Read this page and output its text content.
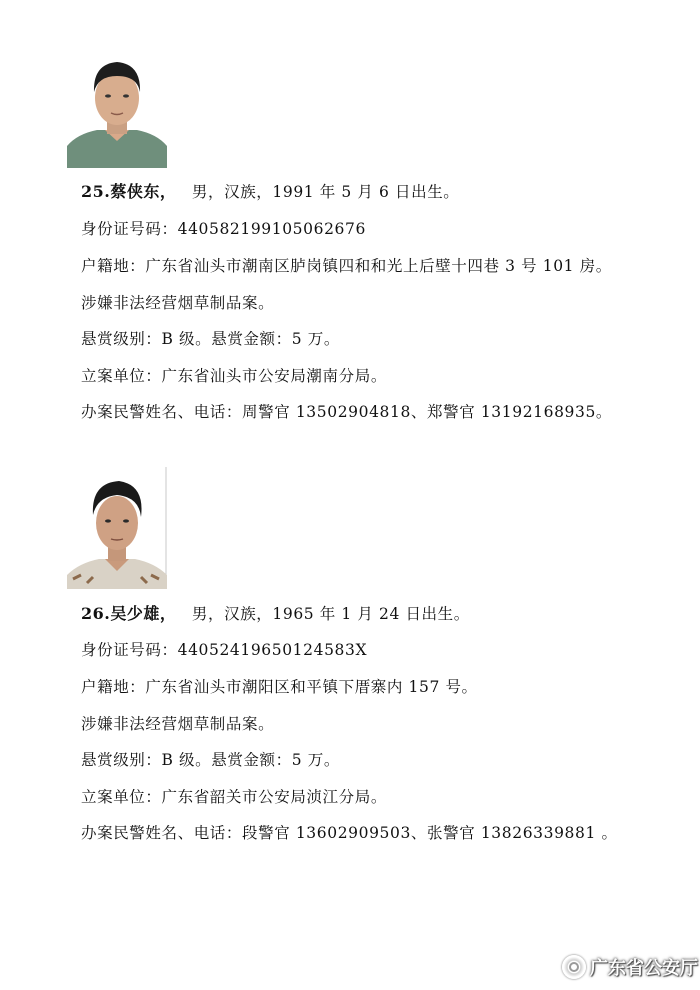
25.蔡侠东， 男，汉族，1991 年 5 月 6 日出生。
身份证号码：440582199105062676
户籍地：广东省汕头市潮南区胪岗镇四和和光上后壁十四巷 3 号 101 房。
涉嫌非法经营烟草制品案。
悬赏级别：B 级。悬赏金额：5 万。
立案单位：广东省汕头市公安局潮南分局。
办案民警姓名、电话：周警官 13502904818、郑警官 13192168935。
26.吴少雄， 男，汉族，1965 年 1 月 24 日出生。
身份证号码：44052419650124583X
户籍地：广东省汕头市潮阳区和平镇下厝寨内 157 号。
涉嫌非法经营烟草制品案。
悬赏级别：B 级。悬赏金额：5 万。
立案单位：广东省韶关市公安局浈江分局。
办案民警姓名、电话：段警官 13602909503、张警官 13826339881 。
广东省公安厅
